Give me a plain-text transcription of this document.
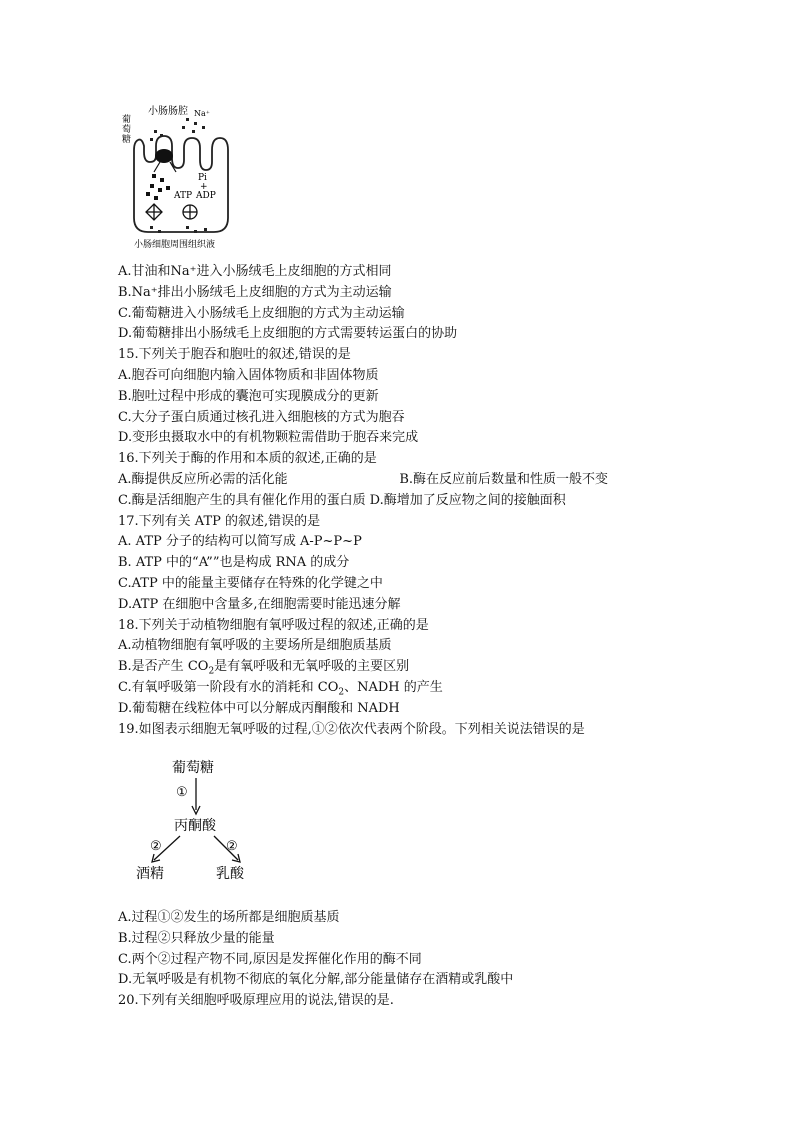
小肠肠腔 Na⁺
葡
萄
糖
Pi
+
ATP ADP
小肠细胞周围组织液
A.甘油和Na⁺进入小肠绒毛上皮细胞的方式相同
B.Na⁺排出小肠绒毛上皮细胞的方式为主动运输
C.葡萄糖进入小肠绒毛上皮细胞的方式为主动运输
D.葡萄糖排出小肠绒毛上皮细胞的方式需要转运蛋白的协助
15.下列关于胞吞和胞吐的叙述,错误的是
A.胞吞可向细胞内输入固体物质和非固体物质
B.胞吐过程中形成的囊泡可实现膜成分的更新
C.大分子蛋白质通过核孔进入细胞核的方式为胞吞
D.变形虫摄取水中的有机物颗粒需借助于胞吞来完成
16.下列关于酶的作用和本质的叙述,正确的是
A.酶提供反应所必需的活化能	B.酶在反应前后数量和性质一般不变
C.酶是活细胞产生的具有催化作用的蛋白质 D.酶增加了反应物之间的接触面积
17.下列有关 ATP 的叙述,错误的是
A. ATP 分子的结构可以简写成 A-P~P~P
B. ATP 中的“A””也是构成 RNA 的成分
C.ATP 中的能量主要储存在特殊的化学键之中
D.ATP 在细胞中含量多,在细胞需要时能迅速分解
18.下列关于动植物细胞有氧呼吸过程的叙述,正确的是
A.动植物细胞有氧呼吸的主要场所是细胞质基质
B.是否产生 $CO_2$是有氧呼吸和无氧呼吸的主要区别
C.有氧呼吸第一阶段有水的消耗和 $CO_2$、NADH 的产生
D.葡萄糖在线粒体中可以分解成丙酮酸和 NADH
19.如图表示细胞无氧呼吸的过程,①②依次代表两个阶段。下列相关说法错误的是
葡萄糖
①
丙酮酸
②	②
酒精	乳酸
A.过程①②发生的场所都是细胞质基质
B.过程②只释放少量的能量
C.两个②过程产物不同,原因是发挥催化作用的酶不同
D.无氧呼吸是有机物不彻底的氧化分解,部分能量储存在酒精或乳酸中
20.下列有关细胞呼吸原理应用的说法,错误的是.
